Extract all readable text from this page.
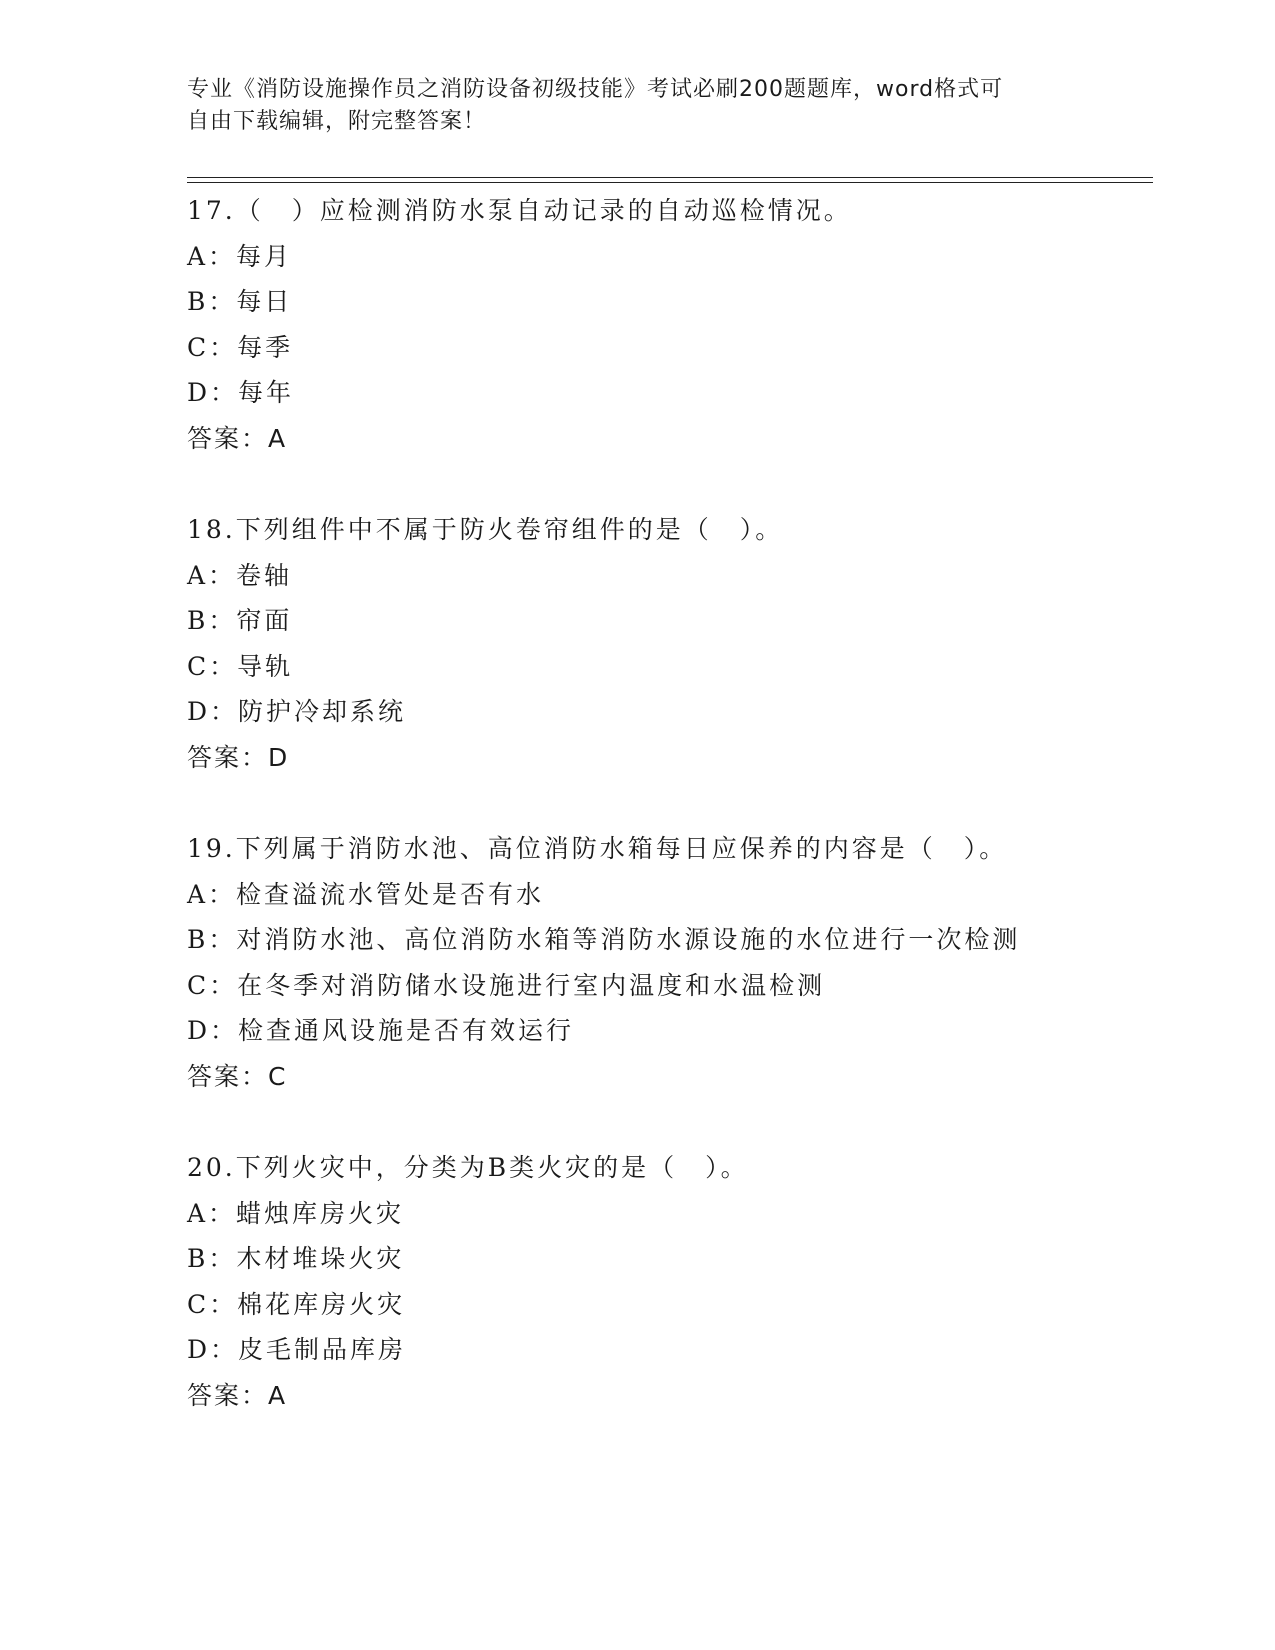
专业《消防设施操作员之消防设备初级技能》考试必刷200题题库，word格式可
自由下载编辑，附完整答案！
17.（　）应检测消防水泵自动记录的自动巡检情况。
A：每月
B：每日
C：每季
D：每年
答案：A
18.下列组件中不属于防火卷帘组件的是（　）。
A：卷轴
B：帘面
C：导轨
D：防护冷却系统
答案：D
19.下列属于消防水池、高位消防水箱每日应保养的内容是（　）。
A：检查溢流水管处是否有水
B：对消防水池、高位消防水箱等消防水源设施的水位进行一次检测
C：在冬季对消防储水设施进行室内温度和水温检测
D：检查通风设施是否有效运行
答案：C
20.下列火灾中，分类为B类火灾的是（　）。
A：蜡烛库房火灾
B：木材堆垛火灾
C：棉花库房火灾
D：皮毛制品库房
答案：A
